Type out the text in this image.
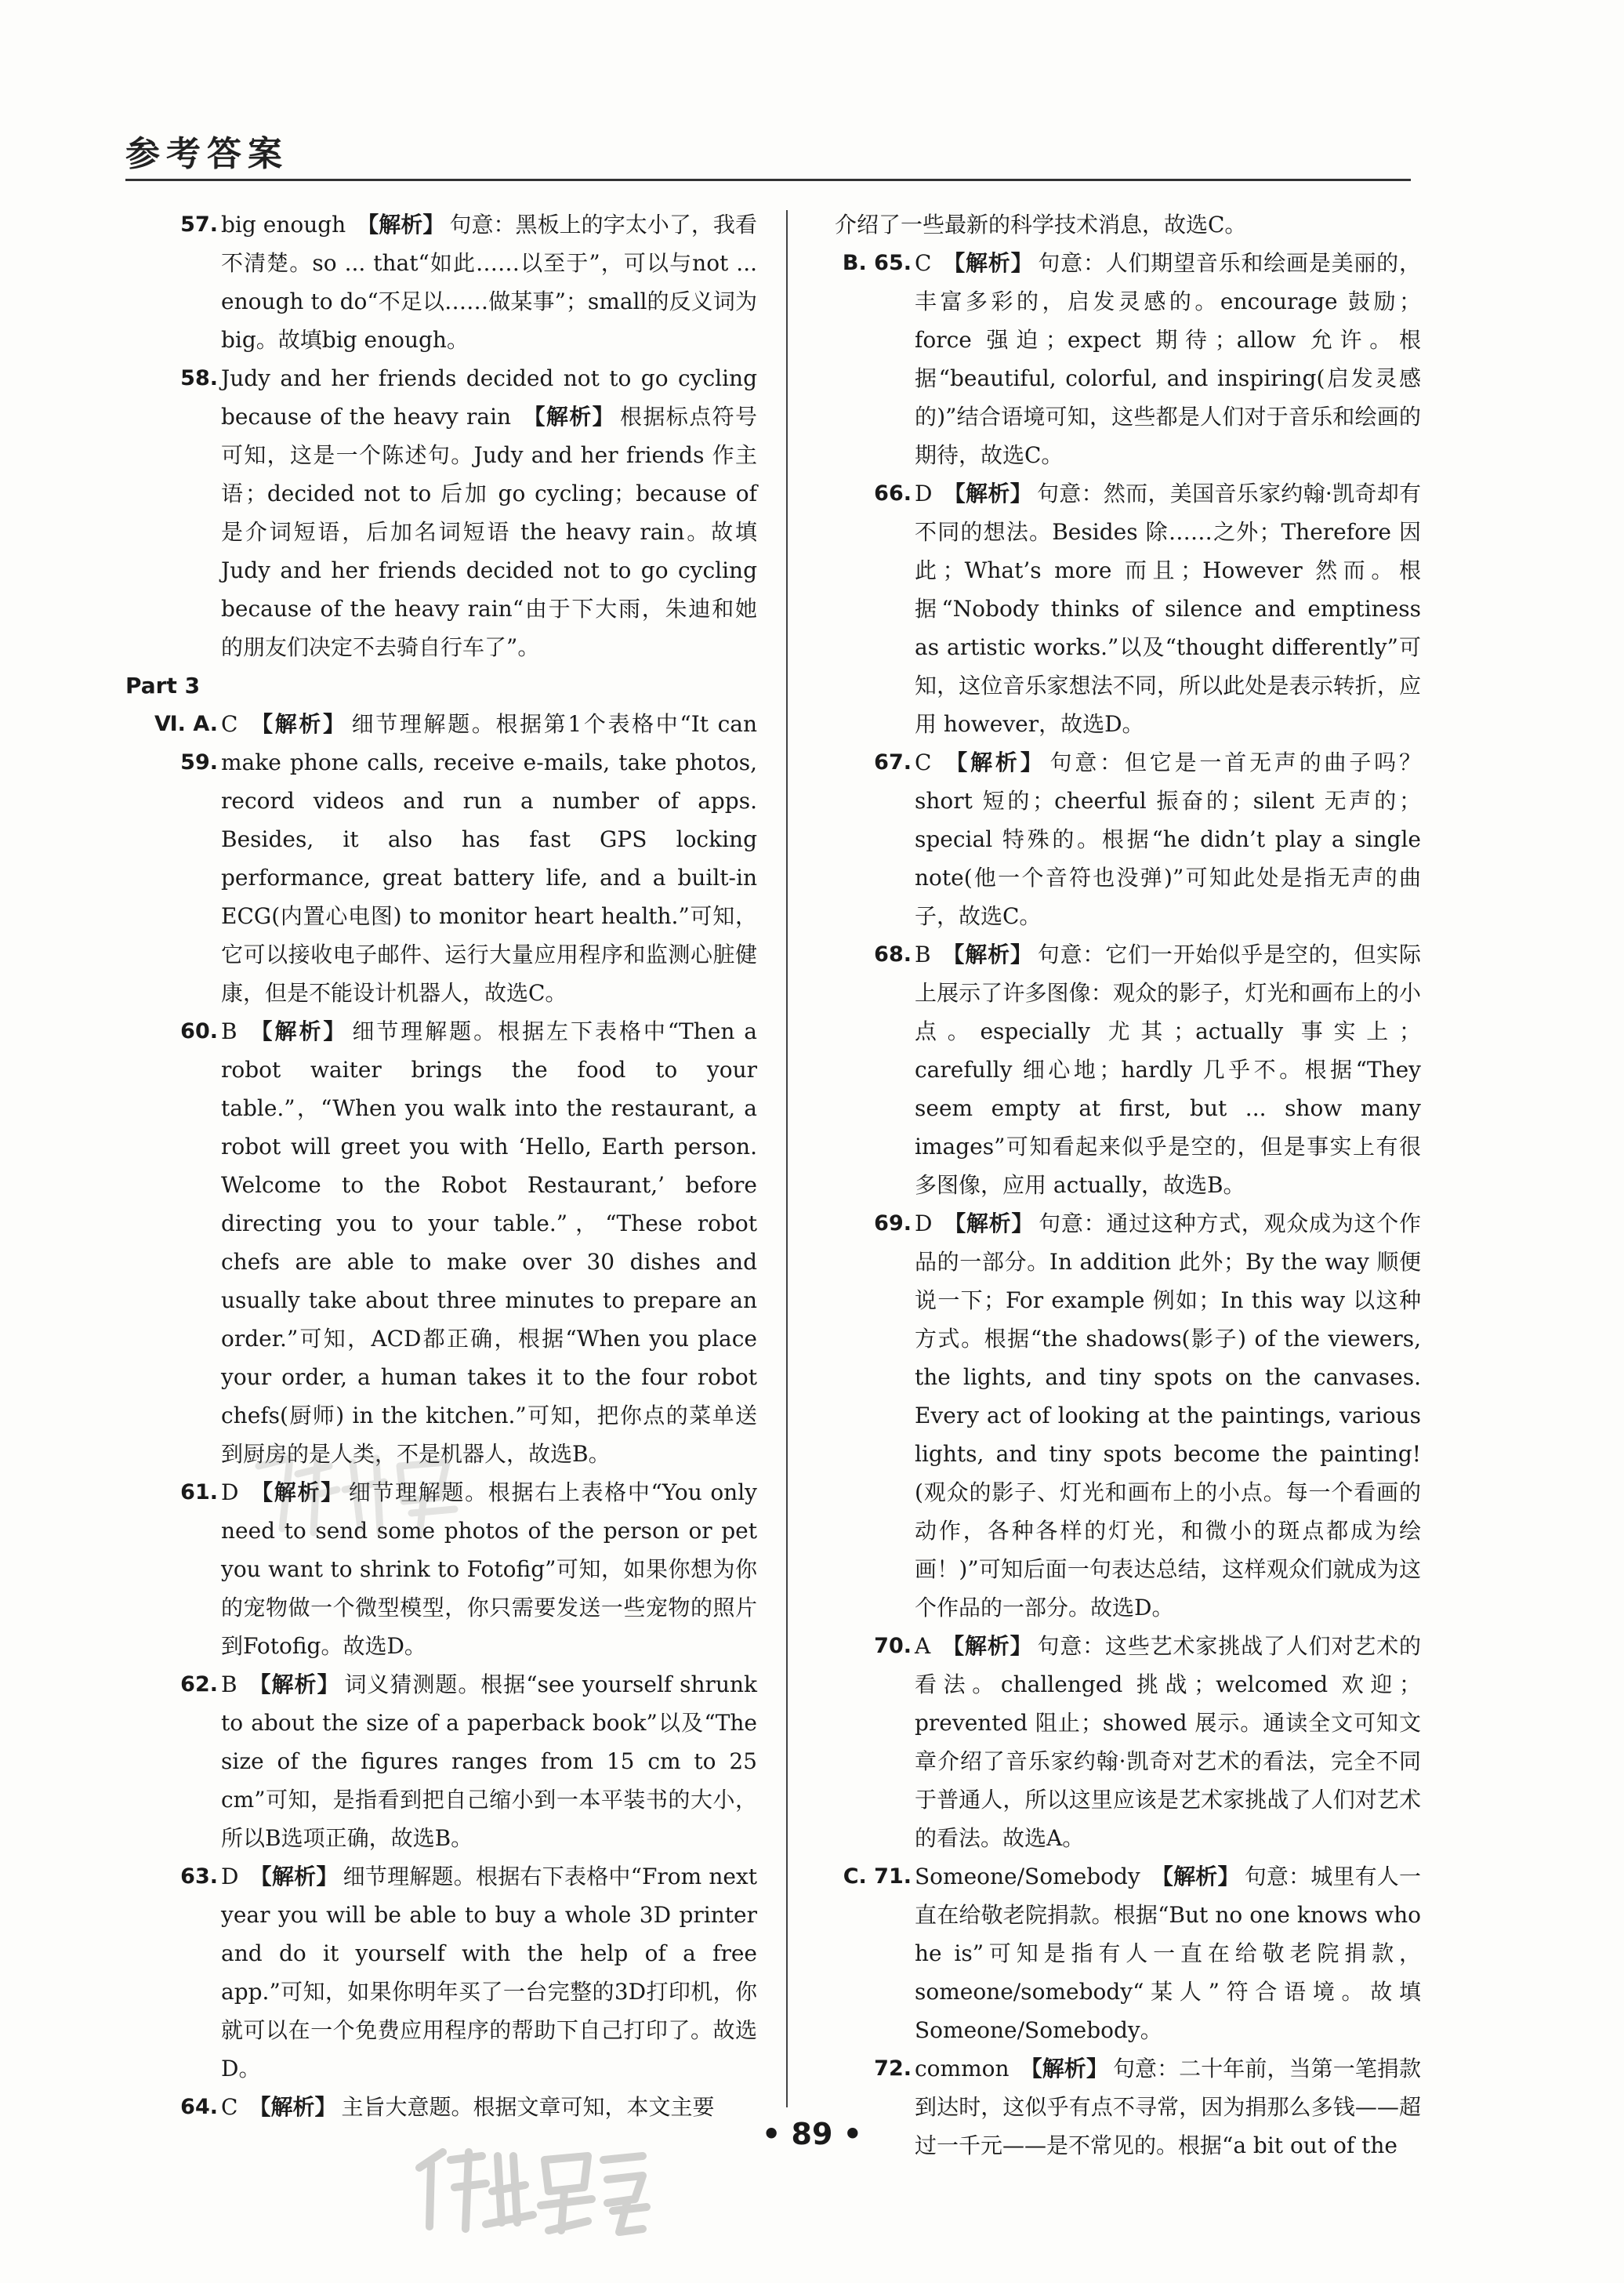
参考答案

57. big enough 【解析】 句意：黑板上的字太小了，我看不清楚。so ... that“如此……以至于”，可以与not ... enough to do“不足以……做某事”；small的反义词为big。故填big enough。

58. Judy and her friends decided not to go cycling because of the heavy rain 【解析】 根据标点符号可知，这是一个陈述句。Judy and her friends 作主语；decided not to 后加 go cycling；because of 是介词短语，后加名词短语 the heavy rain。故填 Judy and her friends decided not to go cycling because of the heavy rain“由于下大雨，朱迪和她的朋友们决定不去骑自行车了”。

Part 3

Ⅵ. A. 59.
C 【解析】 细节理解题。根据第1个表格中“It can make phone calls, receive e-mails, take photos, record videos and run a number of apps. Besides, it also has fast GPS locking performance, great battery life, and a built-in ECG(内置心电图) to monitor heart health.”可知，它可以接收电子邮件、运行大量应用程序和监测心脏健康，但是不能设计机器人，故选C。

60. B 【解析】 细节理解题。根据左下表格中“Then a robot waiter brings the food to your table.”，“When you walk into the restaurant, a robot will greet you with ‘Hello, Earth person. Welcome to the Robot Restaurant,’ before directing you to your table.”，“These robot chefs are able to make over 30 dishes and usually take about three minutes to prepare an order.”可知，ACD都正确，根据“When you place your order, a human takes it to the four robot chefs(厨师) in the kitchen.”可知，把你点的菜单送到厨房的是人类，不是机器人，故选B。

61. D 【解析】 细节理解题。根据右上表格中“You only need to send some photos of the person or pet you want to shrink to Fotofig”可知，如果你想为你的宠物做一个微型模型，你只需要发送一些宠物的照片到Fotofig。故选D。

62. B 【解析】 词义猜测题。根据“see yourself shrunk to about the size of a paperback book”以及“The size of the figures ranges from 15 cm to 25 cm”可知，是指看到把自己缩小到一本平装书的大小，所以B选项正确，故选B。

63. D 【解析】 细节理解题。根据右下表格中“From next year you will be able to buy a whole 3D printer and do it yourself with the help of a free app.”可知，如果你明年买了一台完整的3D打印机，你就可以在一个免费应用程序的帮助下自己打印了。故选D。

64. C 【解析】 主旨大意题。根据文章可知，本文主要

介绍了一些最新的科学技术消息，故选C。

B. 65. C 【解析】 句意：人们期望音乐和绘画是美丽的，丰富多彩的，启发灵感的。encourage 鼓励；force 强迫；expect 期待；allow 允许。根据“beautiful, colorful, and inspiring(启发灵感的)”结合语境可知，这些都是人们对于音乐和绘画的期待，故选C。

66. D 【解析】 句意：然而，美国音乐家约翰·凯奇却有不同的想法。Besides 除……之外；Therefore 因此；What’s more 而且；However 然而。根据“Nobody thinks of silence and emptiness as artistic works.”以及“thought differently”可知，这位音乐家想法不同，所以此处是表示转折，应用 however，故选D。

67. C 【解析】 句意：但它是一首无声的曲子吗？short 短的；cheerful 振奋的；silent 无声的；special 特殊的。根据“he didn’t play a single note(他一个音符也没弹)”可知此处是指无声的曲子，故选C。

68. B 【解析】 句意：它们一开始似乎是空的，但实际上展示了许多图像：观众的影子，灯光和画布上的小点。especially 尤其；actually 事实上；carefully 细心地；hardly 几乎不。根据“They seem empty at first, but ... show many images”可知看起来似乎是空的，但是事实上有很多图像，应用 actually，故选B。

69. D 【解析】 句意：通过这种方式，观众成为这个作品的一部分。In addition 此外；By the way 顺便说一下；For example 例如；In this way 以这种方式。根据“the shadows(影子) of the viewers, the lights, and tiny spots on the canvases. Every act of looking at the paintings, various lights, and tiny spots become the painting!(观众的影子、灯光和画布上的小点。每一个看画的动作，各种各样的灯光，和微小的斑点都成为绘画！)”可知后面一句表达总结，这样观众们就成为这个作品的一部分。故选D。

70. A 【解析】 句意：这些艺术家挑战了人们对艺术的看法。challenged 挑战；welcomed 欢迎；prevented 阻止；showed 展示。通读全文可知文章介绍了音乐家约翰·凯奇对艺术的看法，完全不同于普通人，所以这里应该是艺术家挑战了人们对艺术的看法。故选A。

C. 71. Someone/Somebody 【解析】 句意：城里有人一直在给敬老院捐款。根据“But no one knows who he is”可知是指有人一直在给敬老院捐款，someone/somebody“某人”符合语境。故填 Someone/Somebody。

72. common 【解析】 句意：二十年前，当第一笔捐款到达时，这似乎有点不寻常，因为捐那么多钱——超过一千元——是不常见的。根据“a bit out of the

• 89 •
